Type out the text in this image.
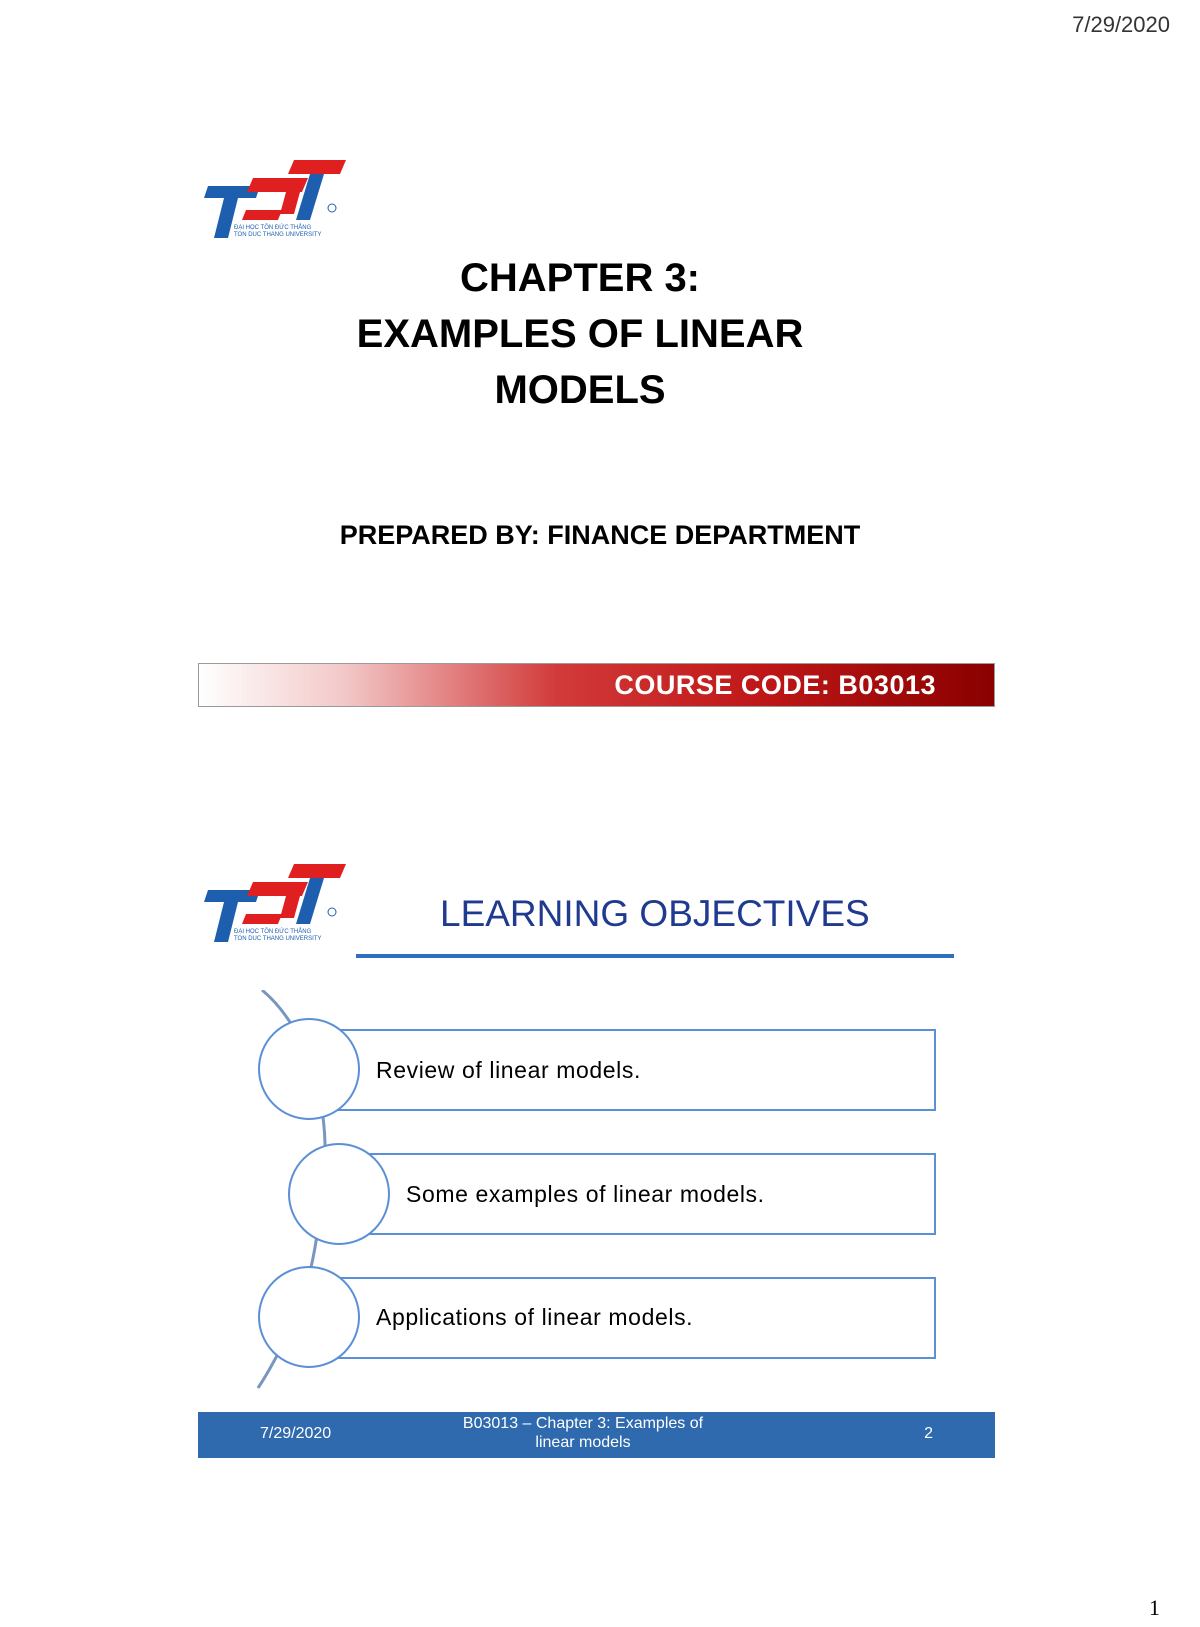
7/29/2020
ĐẠI HỌC TÔN ĐỨC THẮNG
TON DUC THANG UNIVERSITY
CHAPTER 3:
EXAMPLES OF LINEAR
MODELS
PREPARED BY: FINANCE DEPARTMENT
COURSE CODE: B03013
ĐẠI HỌC TÔN ĐỨC THẮNG
TON DUC THANG UNIVERSITY
LEARNING OBJECTIVES
Review of linear models.
Some examples of linear models.
Applications of linear models.
7/29/2020
B03013 – Chapter 3: Examples of
linear models
2
1
